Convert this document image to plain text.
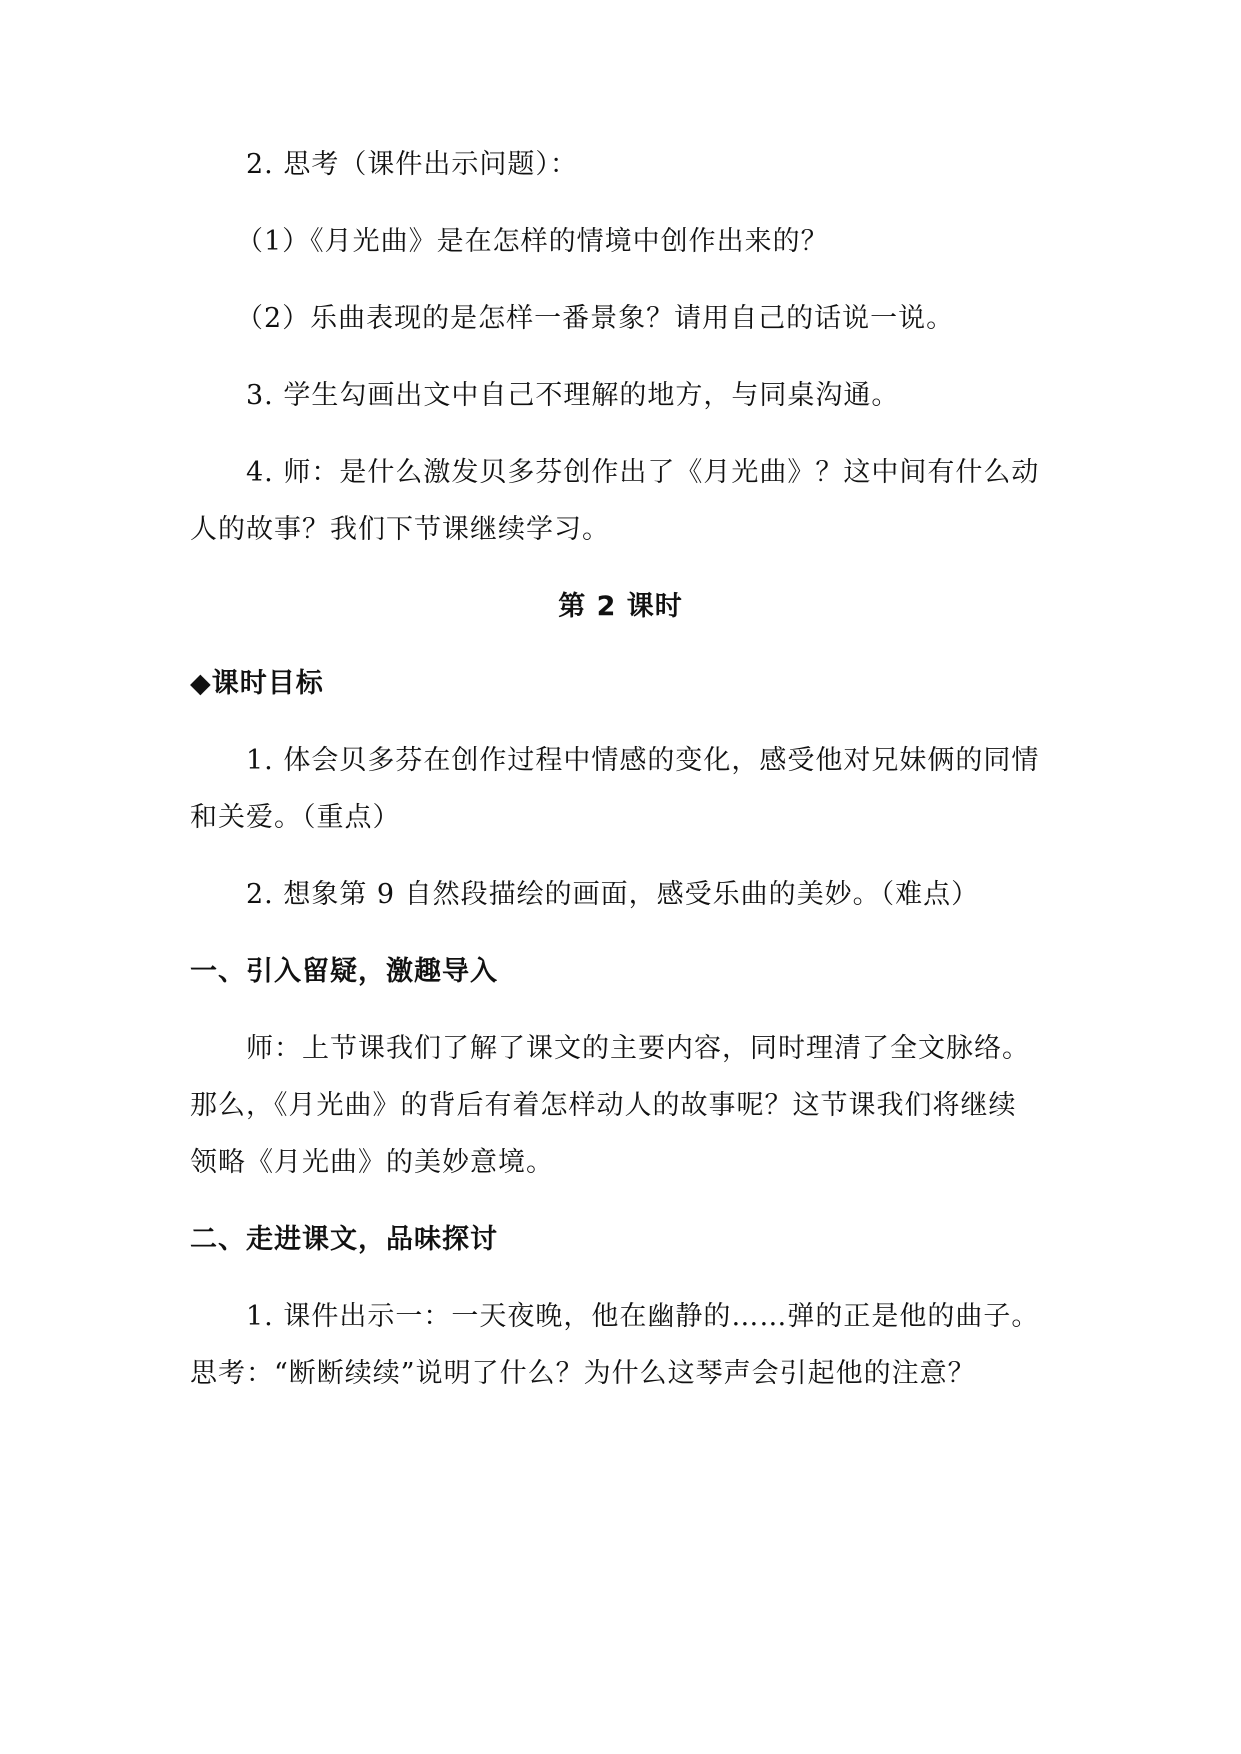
2. 思考（课件出示问题）：
（1）《月光曲》是在怎样的情境中创作出来的？
（2）乐曲表现的是怎样一番景象？请用自己的话说一说。
3. 学生勾画出文中自己不理解的地方，与同桌沟通。
4. 师：是什么激发贝多芬创作出了《月光曲》？这中间有什么动
人的故事？我们下节课继续学习。
第 2 课时
◆课时目标
1. 体会贝多芬在创作过程中情感的变化，感受他对兄妹俩的同情
和关爱。（重点）
2. 想象第 9 自然段描绘的画面，感受乐曲的美妙。（难点）
一、引入留疑，激趣导入
师：上节课我们了解了课文的主要内容，同时理清了全文脉络。
那么，《月光曲》的背后有着怎样动人的故事呢？这节课我们将继续
领略《月光曲》的美妙意境。
二、走进课文，品味探讨
1. 课件出示一：一天夜晚，他在幽静的……弹的正是他的曲子。
思考：“断断续续”说明了什么？为什么这琴声会引起他的注意？
